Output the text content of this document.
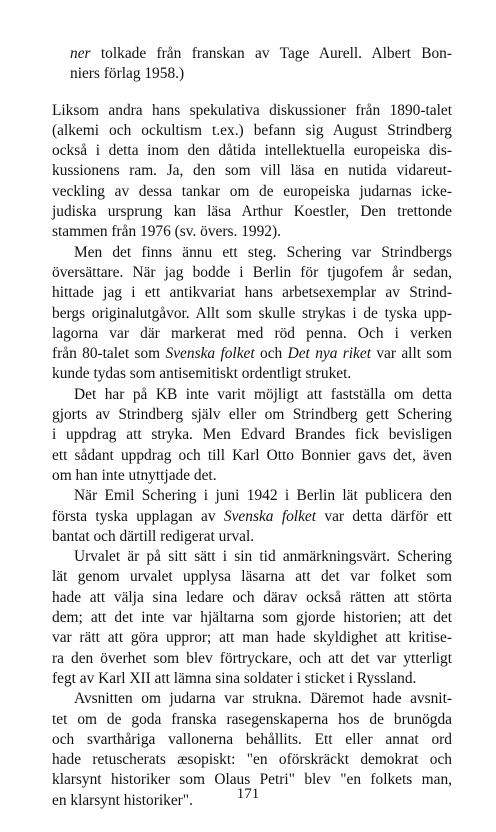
ner tolkade från franskan av Tage Aurell. Albert Bon-
niers förlag 1958.)
Liksom andra hans spekulativa diskussioner från 1890-talet
(alkemi och ockultism t.ex.) befann sig August Strindberg
också i detta inom den dåtida intellektuella europeiska dis-
kussionens ram. Ja, den som vill läsa en nutida vidareut-
veckling av dessa tankar om de europeiska judarnas icke-
judiska ursprung kan läsa Arthur Koestler, Den trettonde
stammen från 1976 (sv. övers. 1992).
Men det finns ännu ett steg. Schering var Strindbergs
översättare. När jag bodde i Berlin för tjugofem år sedan,
hittade jag i ett antikvariat hans arbetsexemplar av Strind-
bergs originalutgåvor. Allt som skulle strykas i de tyska upp-
lagorna var där markerat med röd penna. Och i verken
från 80-talet som Svenska folket och Det nya riket var allt som
kunde tydas som antisemitiskt ordentligt struket.
Det har på KB inte varit möjligt att fastställa om detta
gjorts av Strindberg själv eller om Strindberg gett Schering
i uppdrag att stryka. Men Edvard Brandes fick bevisligen
ett sådant uppdrag och till Karl Otto Bonnier gavs det, även
om han inte utnyttjade det.
När Emil Schering i juni 1942 i Berlin lät publicera den
första tyska upplagan av Svenska folket var detta därför ett
bantat och därtill redigerat urval.
Urvalet är på sitt sätt i sin tid anmärkningsvärt. Schering
lät genom urvalet upplysa läsarna att det var folket som
hade att välja sina ledare och därav också rätten att störta
dem; att det inte var hjältarna som gjorde historien; att det
var rätt att göra uppror; att man hade skyldighet att kritise-
ra den överhet som blev förtryckare, och att det var ytterligt
fegt av Karl XII att lämna sina soldater i sticket i Ryssland.
Avsnitten om judarna var strukna. Däremot hade avsnit-
tet om de goda franska rasegenskaperna hos de brunögda
och svarthåriga vallonerna behållits. Ett eller annat ord
hade retuscherats æsopiskt: "en oförskräckt demokrat och
klarsynt historiker som Olaus Petri" blev "en folkets man,
en klarsynt historiker".	171
